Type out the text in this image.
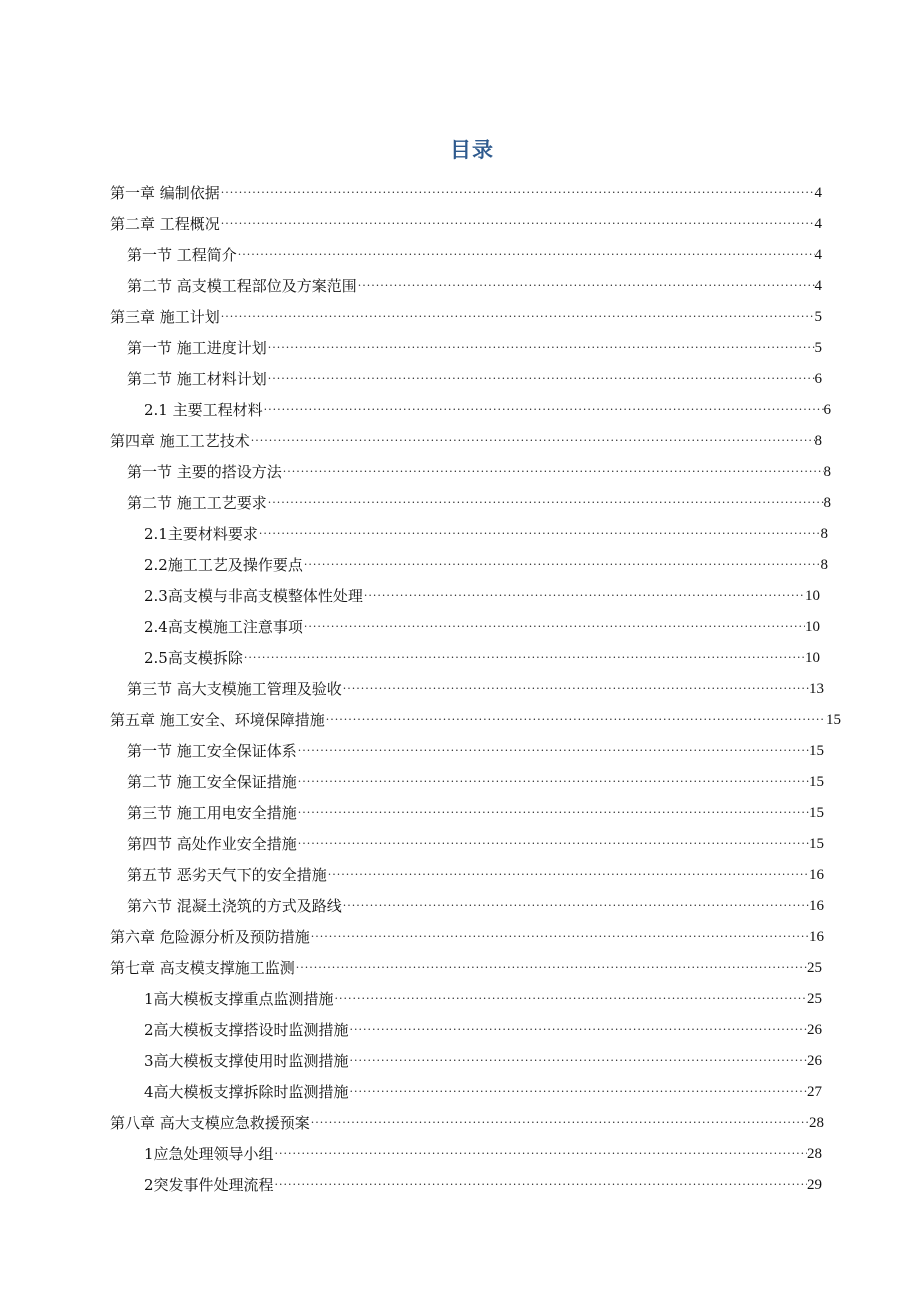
目录
第一章 编制依据 ·····	4
第二章 工程概况 ·····	4
第一节 工程简介 ·····	4
第二节 高支模工程部位及方案范围 ·····	4
第三章 施工计划 ·····	5
第一节 施工进度计划 ·····	5
第二节 施工材料计划 ·····	6
2.1 主要工程材料 ·····	6
第四章 施工工艺技术 ·····	8
第一节 主要的搭设方法 ·····	8
第二节 施工工艺要求 ·····	8
2.1主要材料要求 ·····	8
2.2施工工艺及操作要点 ·····	8
2.3高支模与非高支模整体性处理 ·····	10
2.4高支模施工注意事项 ·····	10
2.5高支模拆除 ·····	10
第三节 高大支模施工管理及验收 ·····	13
第五章 施工安全、环境保障措施 ·····	15
第一节 施工安全保证体系 ·····	15
第二节 施工安全保证措施 ·····	15
第三节 施工用电安全措施 ·····	15
第四节 高处作业安全措施 ·····	15
第五节 恶劣天气下的安全措施 ·····	16
第六节 混凝土浇筑的方式及路线 ·····	16
第六章 危险源分析及预防措施 ·····	16
第七章 高支模支撑施工监测 ·····	25
1高大模板支撑重点监测措施 ·····	25
2高大模板支撑搭设时监测措施 ·····	26
3高大模板支撑使用时监测措施 ·····	26
4高大模板支撑拆除时监测措施 ·····	27
第八章 高大支模应急救援预案 ·····	28
1应急处理领导小组 ·····	28
2突发事件处理流程 ·····	29
